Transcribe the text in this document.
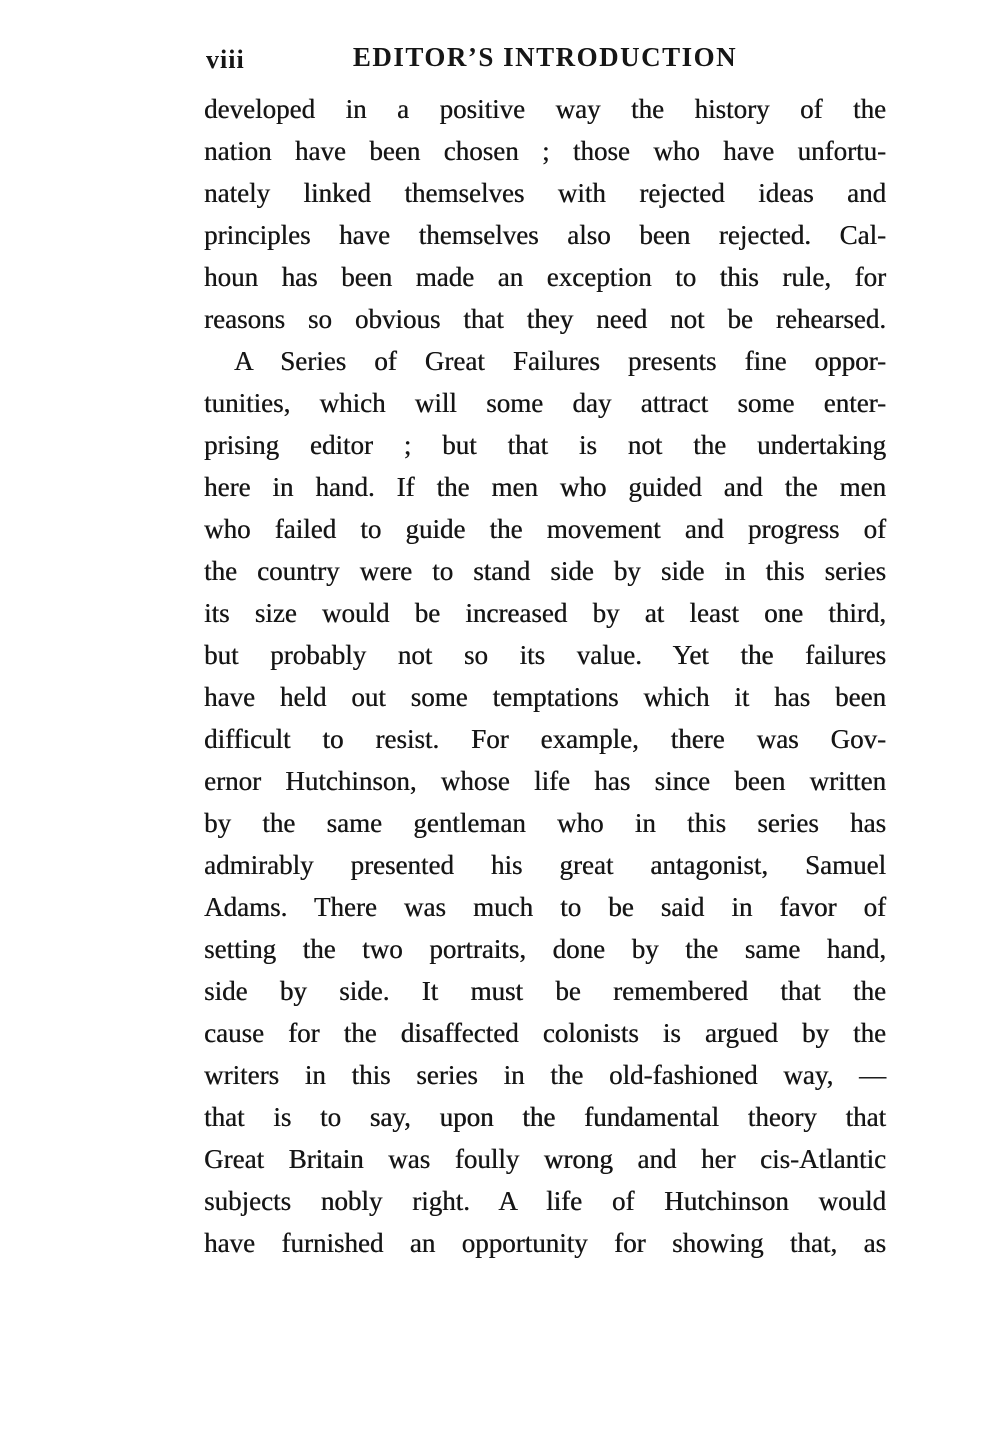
viii	EDITOR’S INTRODUCTION
developed in a positive way the history of the
nation have been chosen ; those who have unfortu-
nately linked themselves with rejected ideas and
principles have themselves also been rejected. Cal-
houn has been made an exception to this rule, for
reasons so obvious that they need not be rehearsed.
A Series of Great Failures presents fine oppor-
tunities, which will some day attract some enter-
prising editor ; but that is not the undertaking
here in hand. If the men who guided and the men
who failed to guide the movement and progress of
the country were to stand side by side in this series
its size would be increased by at least one third,
but probably not so its value. Yet the failures
have held out some temptations which it has been
difficult to resist. For example, there was Gov-
ernor Hutchinson, whose life has since been written
by the same gentleman who in this series has
admirably presented his great antagonist, Samuel
Adams. There was much to be said in favor of
setting the two portraits, done by the same hand,
side by side. It must be remembered that the
cause for the disaffected colonists is argued by the
writers in this series in the old-fashioned way, —
that is to say, upon the fundamental theory that
Great Britain was foully wrong and her cis-Atlantic
subjects nobly right. A life of Hutchinson would
have furnished an opportunity for showing that, as
